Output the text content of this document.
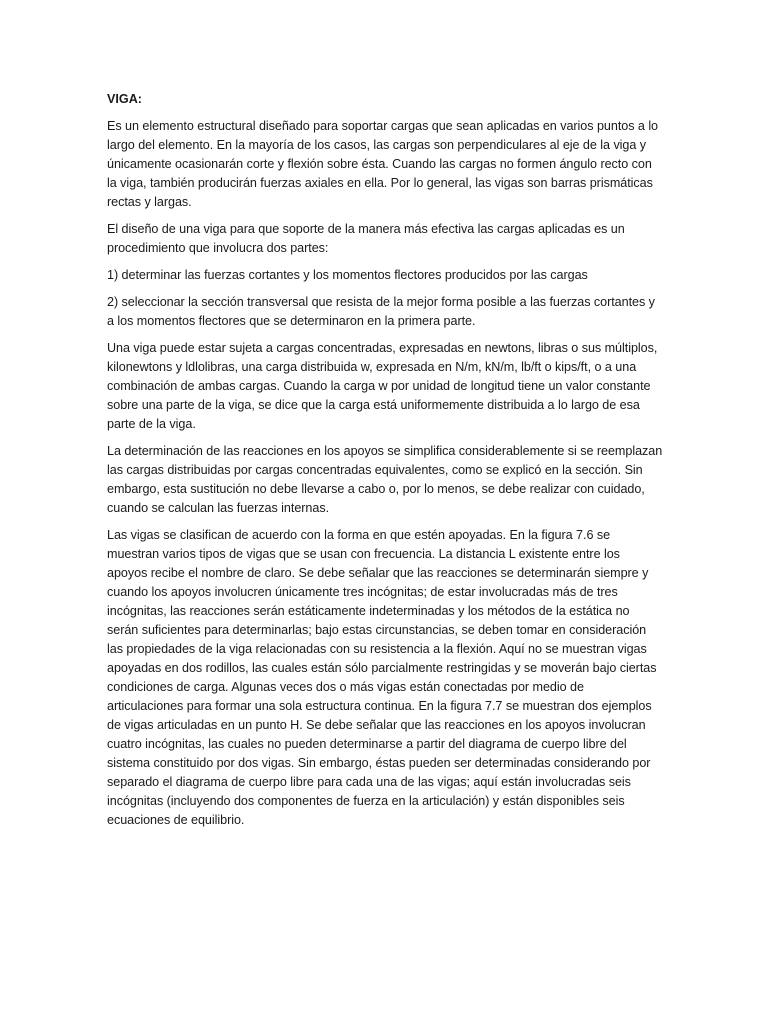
VIGA:

Es un elemento estructural diseñado para soportar cargas que sean aplicadas en varios puntos a lo largo del elemento. En la mayoría de los casos, las cargas son perpendiculares al eje de la viga y únicamente ocasionarán corte y flexión sobre ésta. Cuando las cargas no formen ángulo recto con la viga, también producirán fuerzas axiales en ella. Por lo general, las vigas son barras prismáticas rectas y largas.

El diseño de una viga para que soporte de la manera más efectiva las cargas aplicadas es un procedimiento que involucra dos partes:

1) determinar las fuerzas cortantes y los momentos flectores producidos por las cargas

2) seleccionar la sección transversal que resista de la mejor forma posible a las fuerzas cortantes y a los momentos flectores que se determinaron en la primera parte.

Una viga puede estar sujeta a cargas concentradas, expresadas en newtons, libras o sus múltiplos, kilonewtons y ldlolibras, una carga distribuida w, expresada en N/m, kN/m, lb/ft o kips/ft, o a una combinación de ambas cargas. Cuando la carga w por unidad de longitud tiene un valor constante sobre una parte de la viga, se dice que la carga está uniformemente distribuida a lo largo de esa parte de la viga.

La determinación de las reacciones en los apoyos se simplifica considerablemente si se reemplazan las cargas distribuidas por cargas concentradas equivalentes, como se explicó en la sección. Sin embargo, esta sustitución no debe llevarse a cabo o, por lo menos, se debe realizar con cuidado, cuando se calculan las fuerzas internas.

Las vigas se clasifican de acuerdo con la forma en que estén apoyadas. En la figura 7.6 se muestran varios tipos de vigas que se usan con frecuencia. La distancia L existente entre los apoyos recibe el nombre de claro. Se debe señalar que las reacciones se determinarán siempre y cuando los apoyos involucren únicamente tres incógnitas; de estar involucradas más de tres incógnitas, las reacciones serán estáticamente indeterminadas y los métodos de la estática no serán suficientes para determinarlas; bajo estas circunstancias, se deben tomar en consideración las propiedades de la viga relacionadas con su resistencia a la flexión. Aquí no se muestran vigas apoyadas en dos rodillos, las cuales están sólo parcialmente restringidas y se moverán bajo ciertas condiciones de carga. Algunas veces dos o más vigas están conectadas por medio de articulaciones para formar una sola estructura continua. En la figura 7.7 se muestran dos ejemplos de vigas articuladas en un punto H. Se debe señalar que las reacciones en los apoyos involucran cuatro incógnitas, las cuales no pueden determinarse a partir del diagrama de cuerpo libre del sistema constituido por dos vigas. Sin embargo, éstas pueden ser determinadas considerando por separado el diagrama de cuerpo libre para cada una de las vigas; aquí están involucradas seis incógnitas (incluyendo dos componentes de fuerza en la articulación) y están disponibles seis ecuaciones de equilibrio.
